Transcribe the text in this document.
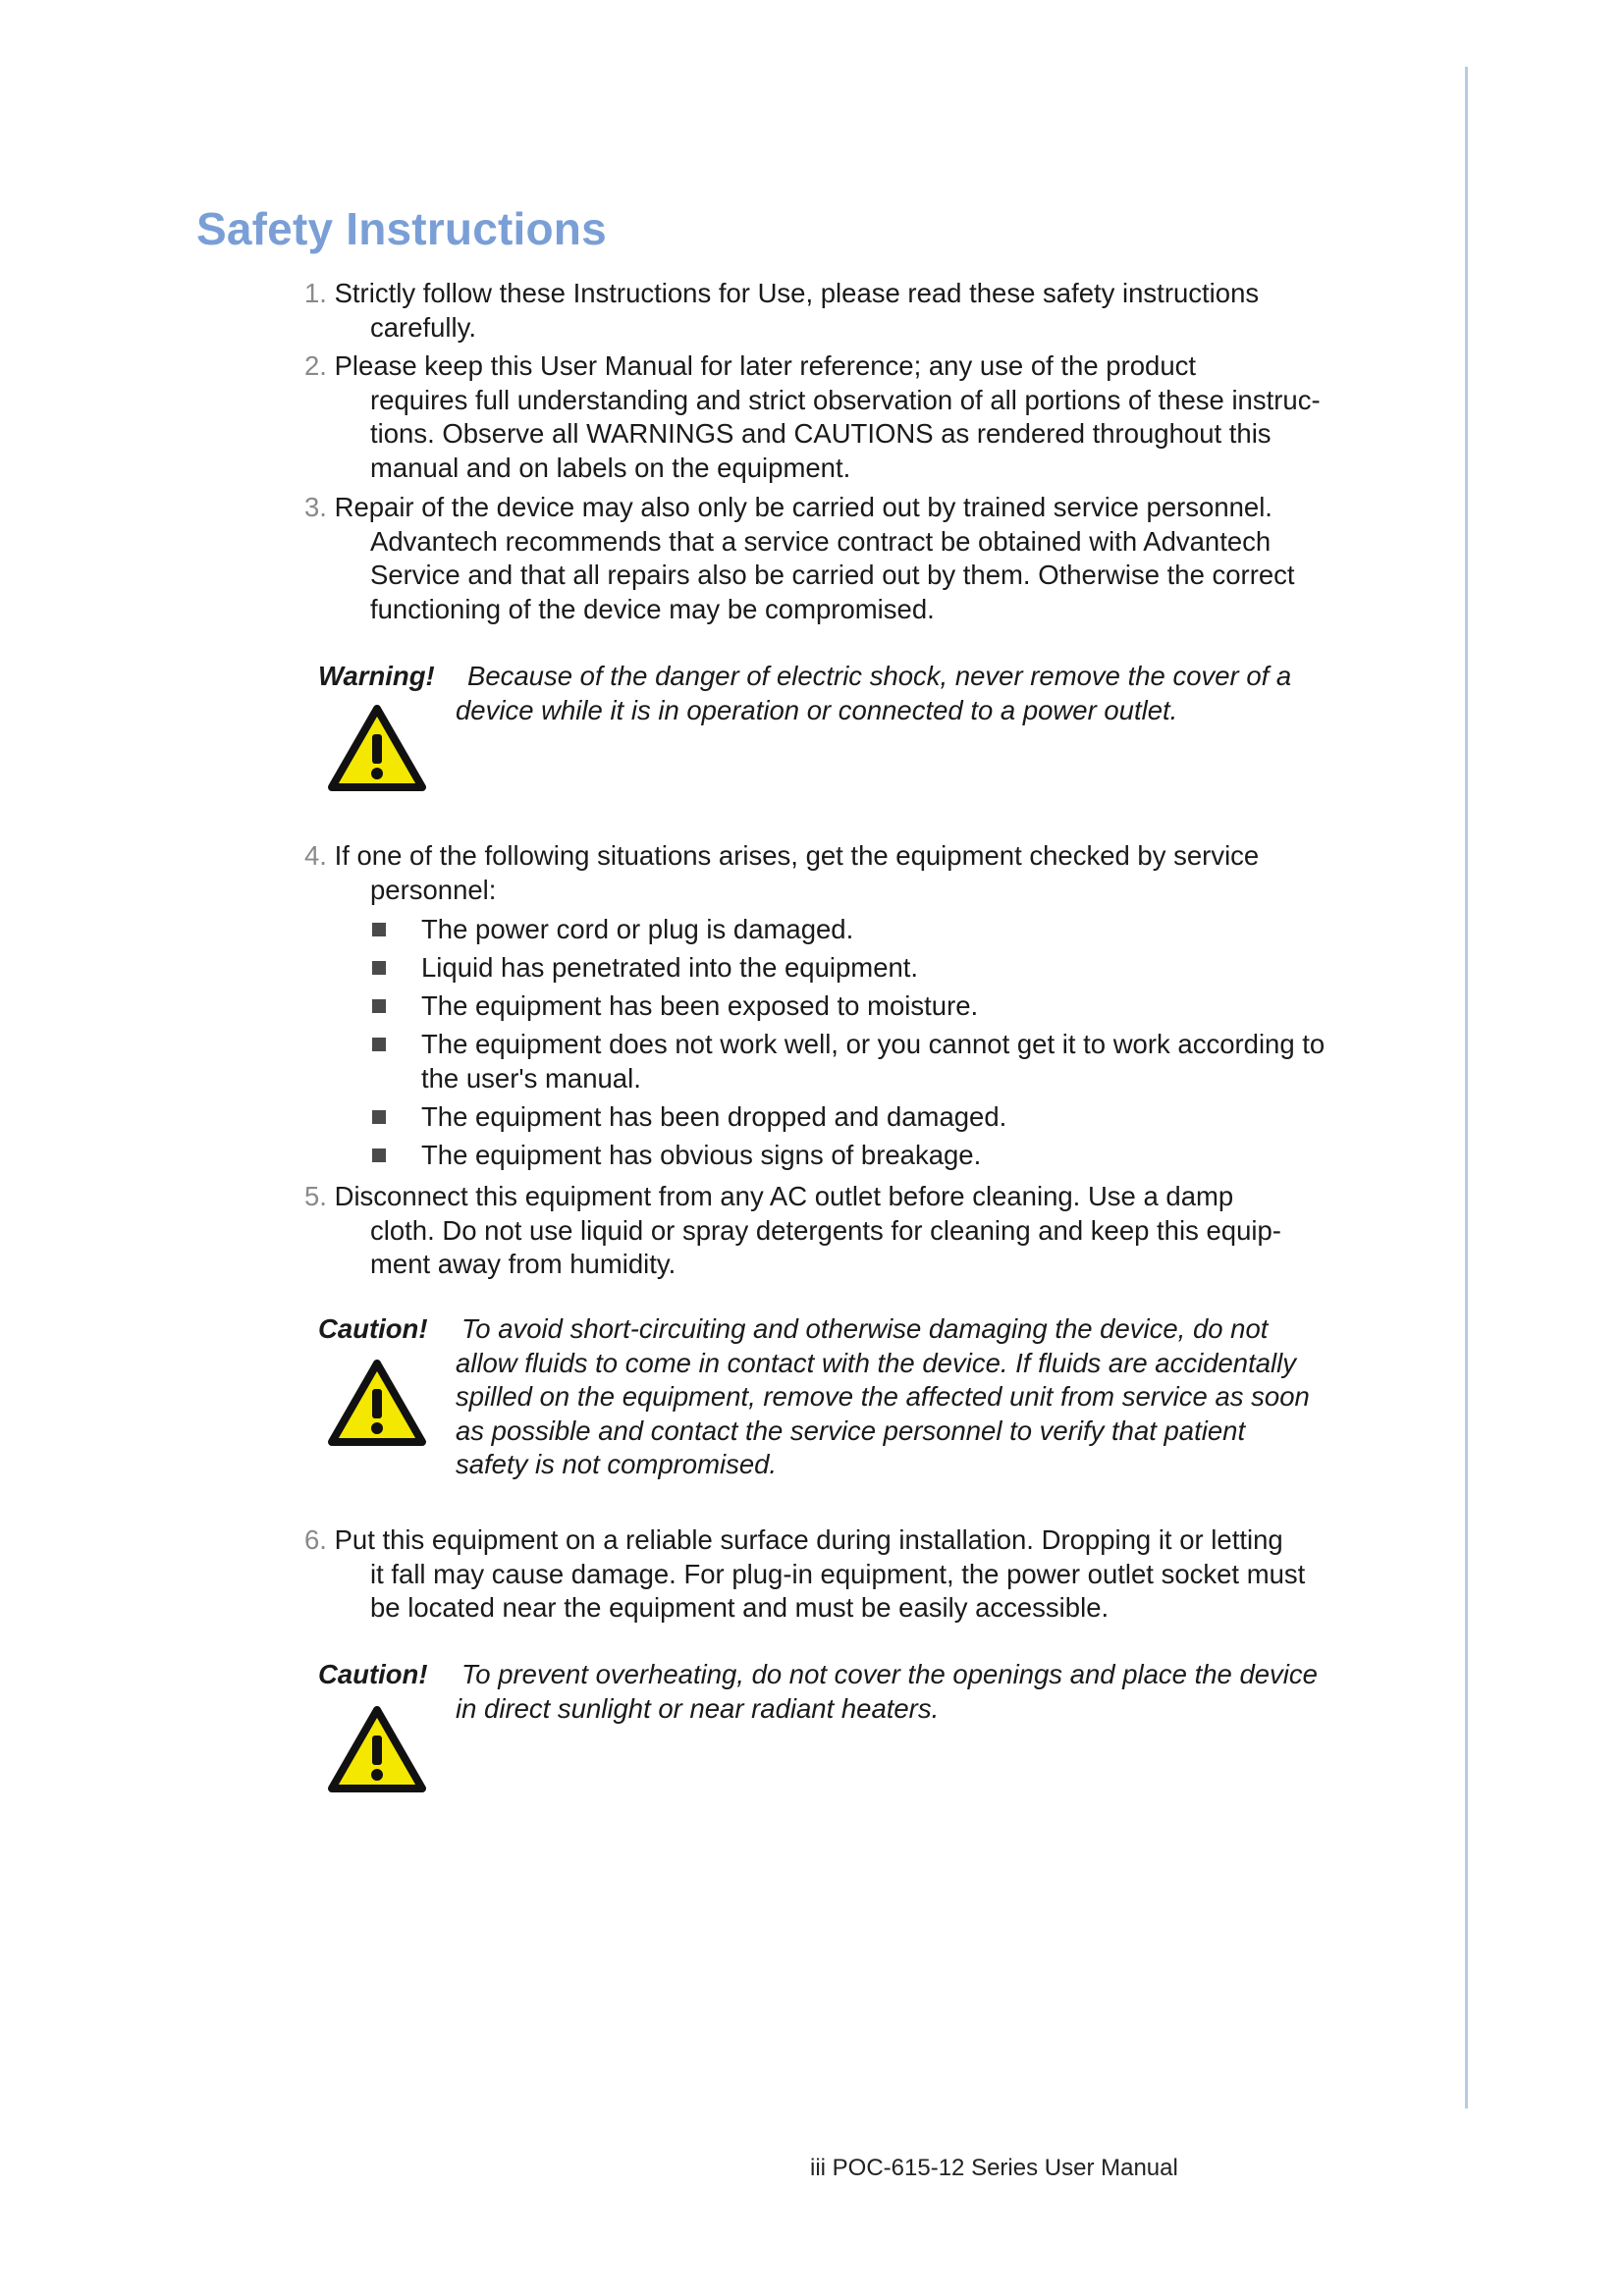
Safety Instructions
1. Strictly follow these Instructions for Use, please read these safety instructions
carefully.
2. Please keep this User Manual for later reference; any use of the product
requires full understanding and strict observation of all portions of these instruc-
tions. Observe all WARNINGS and CAUTIONS as rendered throughout this
manual and on labels on the equipment.
3. Repair of the device may also only be carried out by trained service personnel.
Advantech recommends that a service contract be obtained with Advantech
Service and that all repairs also be carried out by them. Otherwise the correct
functioning of the device may be compromised.
Warning! Because of the danger of electric shock, never remove the cover of a
device while it is in operation or connected to a power outlet.
4. If one of the following situations arises, get the equipment checked by service
personnel:
The power cord or plug is damaged.
Liquid has penetrated into the equipment.
The equipment has been exposed to moisture.
The equipment does not work well, or you cannot get it to work according to
the user's manual.
The equipment has been dropped and damaged.
The equipment has obvious signs of breakage.
5. Disconnect this equipment from any AC outlet before cleaning. Use a damp
cloth. Do not use liquid or spray detergents for cleaning and keep this equip-
ment away from humidity.
Caution! To avoid short-circuiting and otherwise damaging the device, do not
allow fluids to come in contact with the device. If fluids are accidentally
spilled on the equipment, remove the affected unit from service as soon
as possible and contact the service personnel to verify that patient
safety is not compromised.
6. Put this equipment on a reliable surface during installation. Dropping it or letting
it fall may cause damage. For plug-in equipment, the power outlet socket must
be located near the equipment and must be easily accessible.
Caution! To prevent overheating, do not cover the openings and place the device
in direct sunlight or near radiant heaters.
iii POC-615-12 Series User Manual
